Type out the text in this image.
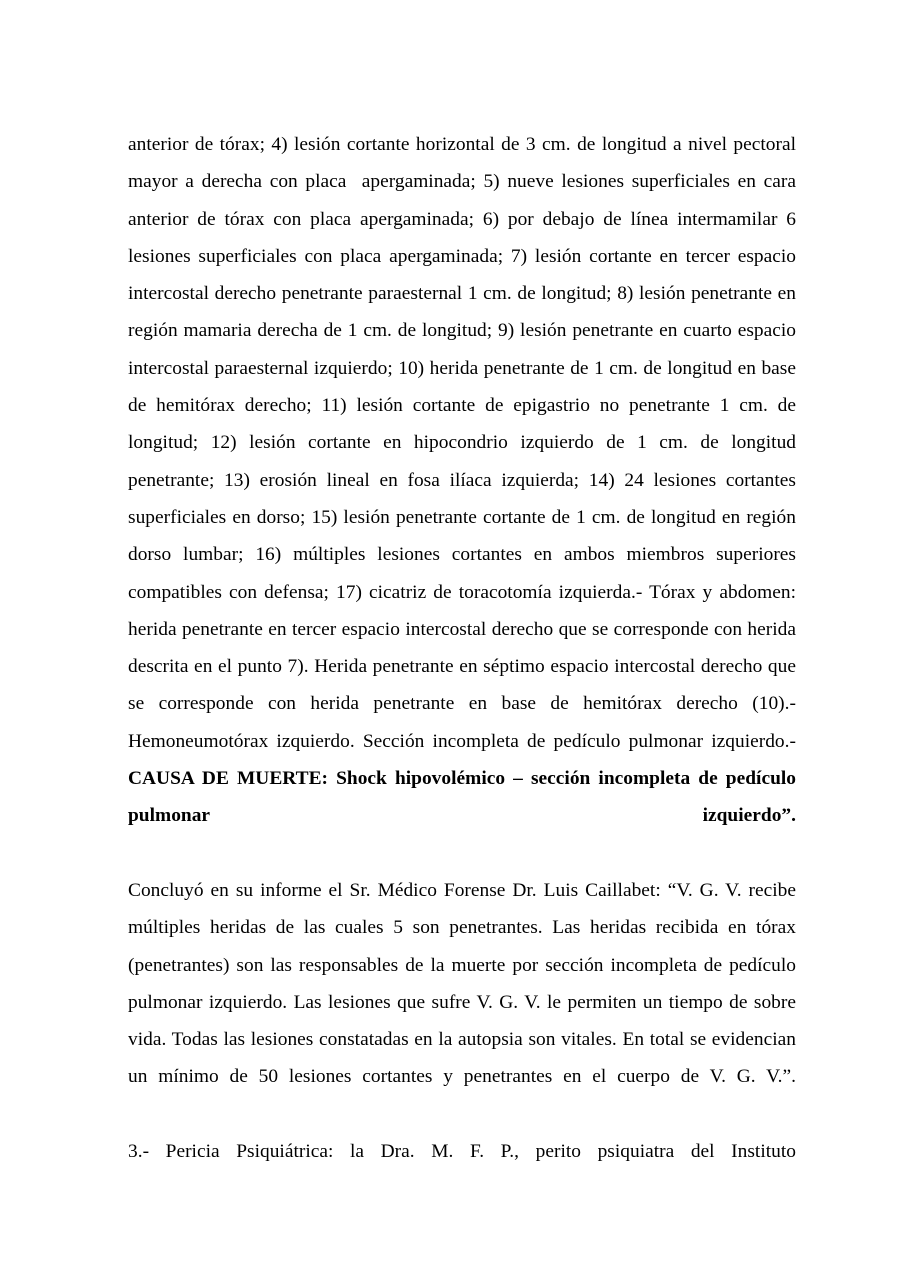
anterior de tórax; 4) lesión cortante horizontal de 3 cm. de longitud a nivel pectoral mayor a derecha con placa  apergaminada; 5) nueve lesiones superficiales en cara anterior de tórax con placa apergaminada; 6) por debajo de línea intermamilar 6 lesiones superficiales con placa apergaminada; 7) lesión cortante en tercer espacio intercostal derecho penetrante paraesternal 1 cm. de longitud; 8) lesión penetrante en región mamaria derecha de 1 cm. de longitud; 9) lesión penetrante en cuarto espacio intercostal paraesternal izquierdo; 10) herida penetrante de 1 cm. de longitud en base de hemitórax derecho; 11) lesión cortante de epigastrio no penetrante 1 cm. de longitud; 12) lesión cortante en hipocondrio izquierdo de 1 cm. de longitud penetrante; 13) erosión lineal en fosa ilíaca izquierda; 14) 24 lesiones cortantes superficiales en dorso; 15) lesión penetrante cortante de 1 cm. de longitud en región dorso lumbar; 16) múltiples lesiones cortantes en ambos miembros superiores compatibles con defensa; 17) cicatriz de toracotomía izquierda.- Tórax y abdomen: herida penetrante en tercer espacio intercostal derecho que se corresponde con herida descrita en el punto 7). Herida penetrante en séptimo espacio intercostal derecho que se corresponde con herida penetrante en base de hemitórax derecho (10).- Hemoneumotórax izquierdo. Sección incompleta de pedículo pulmonar izquierdo.- CAUSA DE MUERTE: Shock hipovolémico – sección incompleta de pedículo pulmonar izquierdo”.

Concluyó en su informe el Sr. Médico Forense Dr. Luis Caillabet: “V. G. V. recibe múltiples heridas de las cuales 5 son penetrantes. Las heridas recibida en tórax (penetrantes) son las responsables de la muerte por sección incompleta de pedículo pulmonar izquierdo. Las lesiones que sufre V. G. V. le permiten un tiempo de sobre vida. Todas las lesiones constatadas en la autopsia son vitales. En total se evidencian un mínimo de 50 lesiones cortantes y penetrantes en el cuerpo de V. G. V.”.

3.- Pericia Psiquiátrica: la Dra. M. F. P., perito psiquiatra del Instituto
